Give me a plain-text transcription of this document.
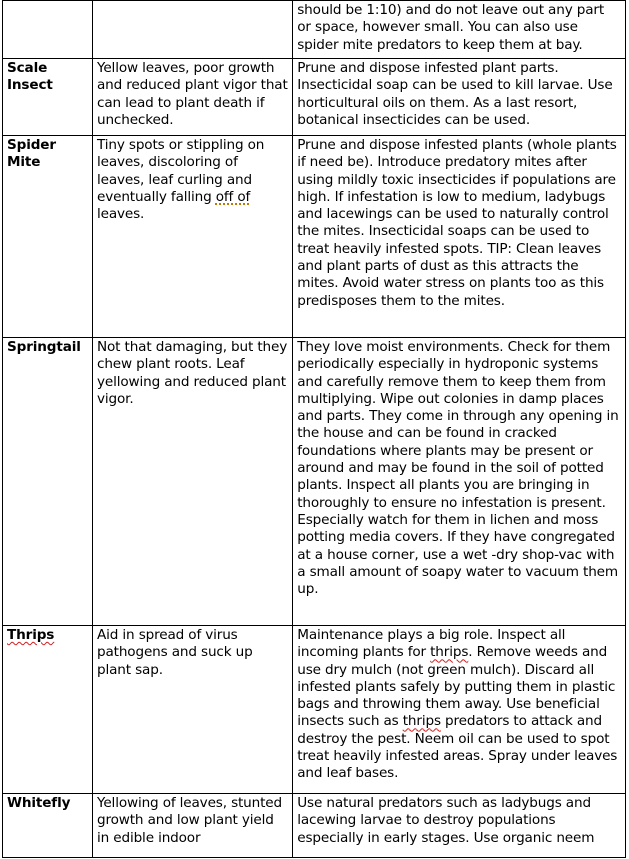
		should be 1:10) and do not leave out any part or space, however small. You can also use spider mite predators to keep them at bay.
Scale Insect	Yellow leaves, poor growth and reduced plant vigor that can lead to plant death if unchecked.	Prune and dispose infested plant parts. Insecticidal soap can be used to kill larvae. Use horticultural oils on them. As a last resort, botanical insecticides can be used.
Spider Mite	Tiny spots or stippling on leaves, discoloring of leaves, leaf curling and eventually falling off of leaves.	Prune and dispose infested plants (whole plants if need be). Introduce predatory mites after using mildly toxic insecticides if populations are high. If infestation is low to medium, ladybugs and lacewings can be used to naturally control the mites. Insecticidal soaps can be used to treat heavily infested spots. TIP: Clean leaves and plant parts of dust as this attracts the mites. Avoid water stress on plants too as this predisposes them to the mites.
Springtail	Not that damaging, but they chew plant roots. Leaf yellowing and reduced plant vigor.	They love moist environments. Check for them periodically especially in hydroponic systems and carefully remove them to keep them from multiplying. Wipe out colonies in damp places and parts. They come in through any opening in the house and can be found in cracked foundations where plants may be present or around and may be found in the soil of potted plants. Inspect all plants you are bringing in thoroughly to ensure no infestation is present. Especially watch for them in lichen and moss potting media covers. If they have congregated at a house corner, use a wet -dry shop-vac with a small amount of soapy water to vacuum them up.
Thrips	Aid in spread of virus pathogens and suck up plant sap.	Maintenance plays a big role. Inspect all incoming plants for thrips. Remove weeds and use dry mulch (not green mulch). Discard all infested plants safely by putting them in plastic bags and throwing them away. Use beneficial insects such as thrips predators to attack and destroy the pest. Neem oil can be used to spot treat heavily infested areas. Spray under leaves and leaf bases.
Whitefly	Yellowing of leaves, stunted growth and low plant yield in edible indoor	Use natural predators such as ladybugs and lacewing larvae to destroy populations especially in early stages. Use organic neem
